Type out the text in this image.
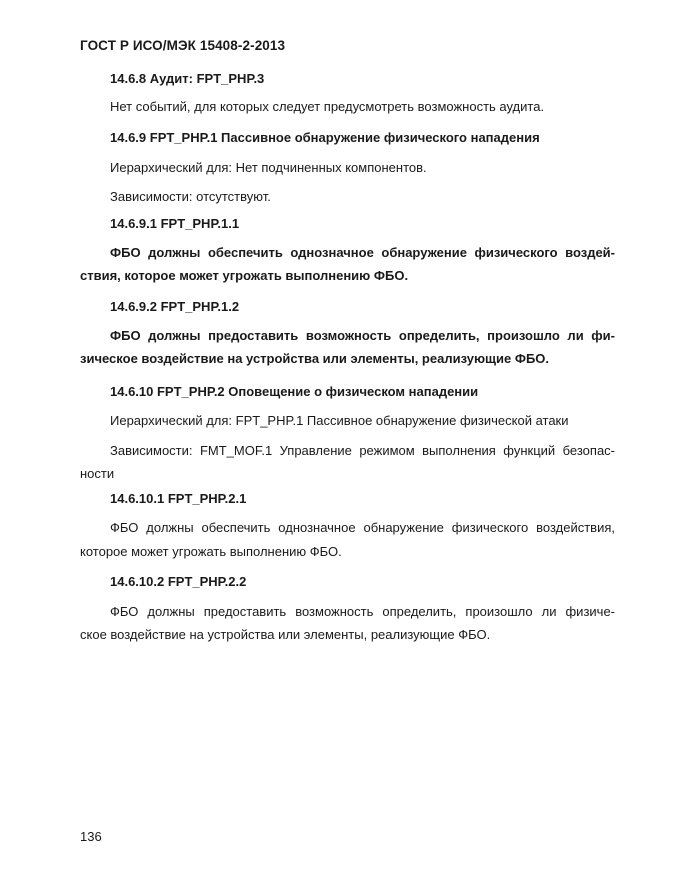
ГОСТ Р ИСО/МЭК 15408-2-2013
14.6.8 Аудит: FPT_PHP.3
Нет событий, для которых следует предусмотреть возможность аудита.
14.6.9 FPT_PHP.1 Пассивное обнаружение физического нападения
Иерархический для: Нет подчиненных компонентов.
Зависимости: отсутствуют.
14.6.9.1 FPT_PHP.1.1
ФБО должны обеспечить однозначное обнаружение физического воздей-
ствия, которое может угрожать выполнению ФБО.
14.6.9.2 FPT_PHP.1.2
ФБО должны предоставить возможность определить, произошло ли фи-
зическое воздействие на устройства или элементы, реализующие ФБО.
14.6.10 FPT_PHP.2 Оповещение о физическом нападении
Иерархический для: FPT_PHP.1 Пассивное обнаружение физической атаки
Зависимости: FMT_MOF.1 Управление режимом выполнения функций безопас-
ности
14.6.10.1 FPT_PHP.2.1
ФБО должны обеспечить однозначное обнаружение физического воздействия,
которое может угрожать выполнению ФБО.
14.6.10.2 FPT_PHP.2.2
ФБО должны предоставить возможность определить, произошло ли физиче-
ское воздействие на устройства или элементы, реализующие ФБО.
136
